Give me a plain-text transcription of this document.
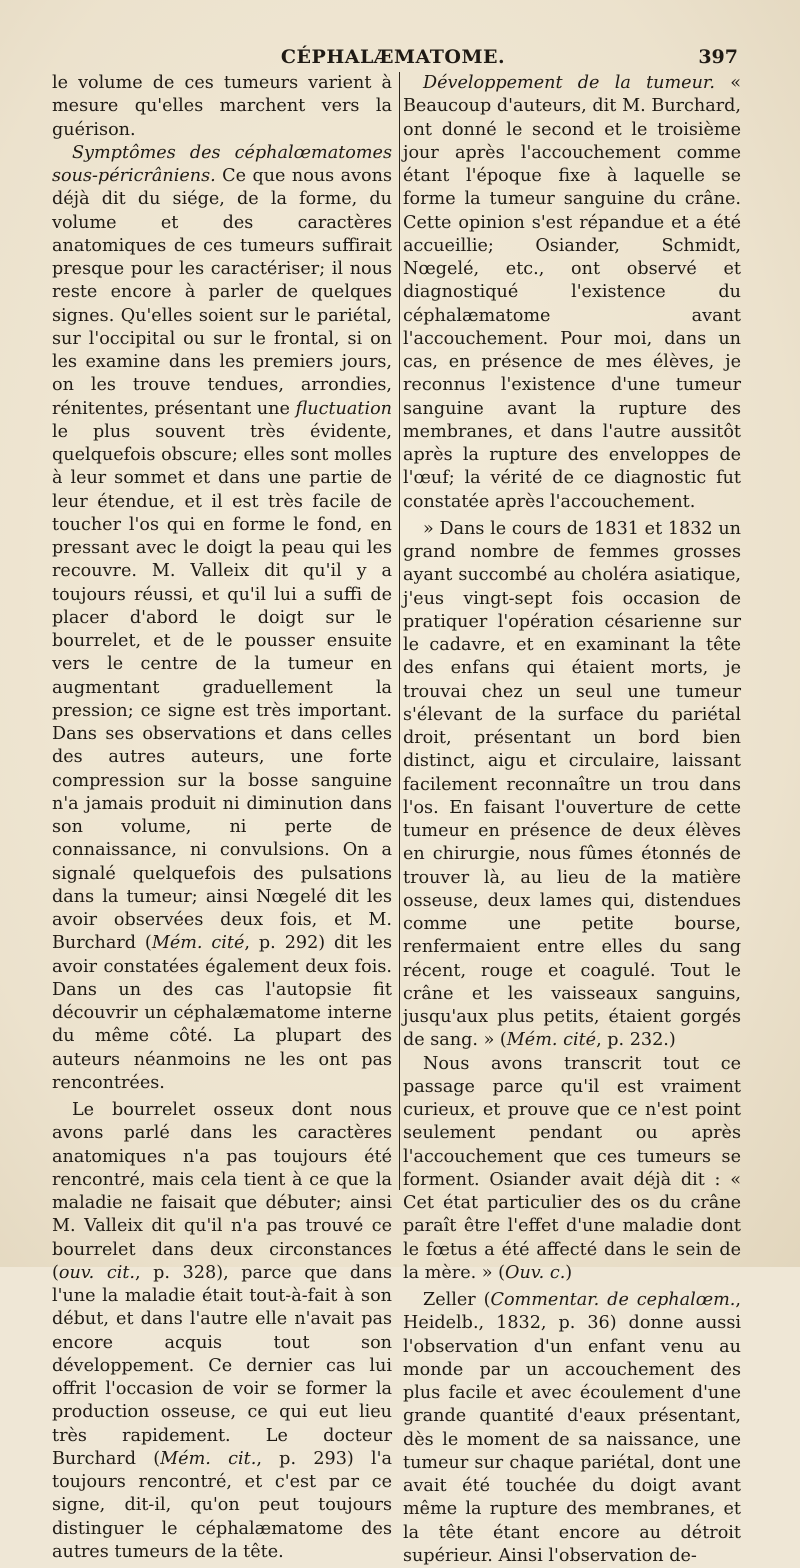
CÉPHALÆMATOME.	397

le volume de ces tumeurs varient à mesure qu'elles marchent vers la guérison.

Symptômes des céphalœmatomes sous-péricrâniens. Ce que nous avons déjà dit du siége, de la forme, du volume et des caractères anatomiques de ces tumeurs suffirait presque pour les caractériser; il nous reste encore à parler de quelques signes. Qu'elles soient sur le pariétal, sur l'occipital ou sur le frontal, si on les examine dans les premiers jours, on les trouve tendues, arrondies, rénitentes, présentant une fluctuation le plus souvent très évidente, quelquefois obscure; elles sont molles à leur sommet et dans une partie de leur étendue, et il est très facile de toucher l'os qui en forme le fond, en pressant avec le doigt la peau qui les recouvre. M. Valleix dit qu'il y a toujours réussi, et qu'il lui a suffi de placer d'abord le doigt sur le bourrelet, et de le pousser ensuite vers le centre de la tumeur en augmentant graduellement la pression; ce signe est très important. Dans ses observations et dans celles des autres auteurs, une forte compression sur la bosse sanguine n'a jamais produit ni diminution dans son volume, ni perte de connaissance, ni convulsions. On a signalé quelquefois des pulsations dans la tumeur; ainsi Nœgelé dit les avoir observées deux fois, et M. Burchard (Mém. cité, p. 292) dit les avoir constatées également deux fois. Dans un des cas l'autopsie fit découvrir un céphalæmatome interne du même côté. La plupart des auteurs néanmoins ne les ont pas rencontrées.

Le bourrelet osseux dont nous avons parlé dans les caractères anatomiques n'a pas toujours été rencontré, mais cela tient à ce que la maladie ne faisait que débuter; ainsi M. Valleix dit qu'il n'a pas trouvé ce bourrelet dans deux circonstances (ouv. cit., p. 328), parce que dans l'une la maladie était tout-à-fait à son début, et dans l'autre elle n'avait pas encore acquis tout son développement. Ce dernier cas lui offrit l'occasion de voir se former la production osseuse, ce qui eut lieu très rapidement. Le docteur Burchard (Mém. cit., p. 293) l'a toujours rencontré, et c'est par ce signe, dit-il, qu'on peut toujours distinguer le céphalæmatome des autres tumeurs de la tête.

Développement de la tumeur. « Beaucoup d'auteurs, dit M. Burchard, ont donné le second et le troisième jour après l'accouchement comme étant l'époque fixe à laquelle se forme la tumeur sanguine du crâne. Cette opinion s'est répandue et a été accueillie; Osiander, Schmidt, Nœgelé, etc., ont observé et diagnostiqué l'existence du céphalæmatome avant l'accouchement. Pour moi, dans un cas, en présence de mes élèves, je reconnus l'existence d'une tumeur sanguine avant la rupture des membranes, et dans l'autre aussitôt après la rupture des enveloppes de l'œuf; la vérité de ce diagnostic fut constatée après l'accouchement.

» Dans le cours de 1831 et 1832 un grand nombre de femmes grosses ayant succombé au choléra asiatique, j'eus vingt-sept fois occasion de pratiquer l'opération césarienne sur le cadavre, et en examinant la tête des enfans qui étaient morts, je trouvai chez un seul une tumeur s'élevant de la surface du pariétal droit, présentant un bord bien distinct, aigu et circulaire, laissant facilement reconnaître un trou dans l'os. En faisant l'ouverture de cette tumeur en présence de deux élèves en chirurgie, nous fûmes étonnés de trouver là, au lieu de la matière osseuse, deux lames qui, distendues comme une petite bourse, renfermaient entre elles du sang récent, rouge et coagulé. Tout le crâne et les vaisseaux sanguins, jusqu'aux plus petits, étaient gorgés de sang. » (Mém. cité, p. 232.)

Nous avons transcrit tout ce passage parce qu'il est vraiment curieux, et prouve que ce n'est point seulement pendant ou après l'accouchement que ces tumeurs se forment. Osiander avait déjà dit : « Cet état particulier des os du crâne paraît être l'effet d'une maladie dont le fœtus a été affecté dans le sein de la mère. » (Ouv. c.)

Zeller (Commentar. de cephalœm., Heidelb., 1832, p. 36) donne aussi l'observation d'un enfant venu au monde par un accouchement des plus facile et avec écoulement d'une grande quantité d'eaux présentant, dès le moment de sa naissance, une tumeur sur chaque pariétal, dont une avait été touchée du doigt avant même la rupture des membranes, et la tête étant encore au détroit supérieur. Ainsi l'observation de-
